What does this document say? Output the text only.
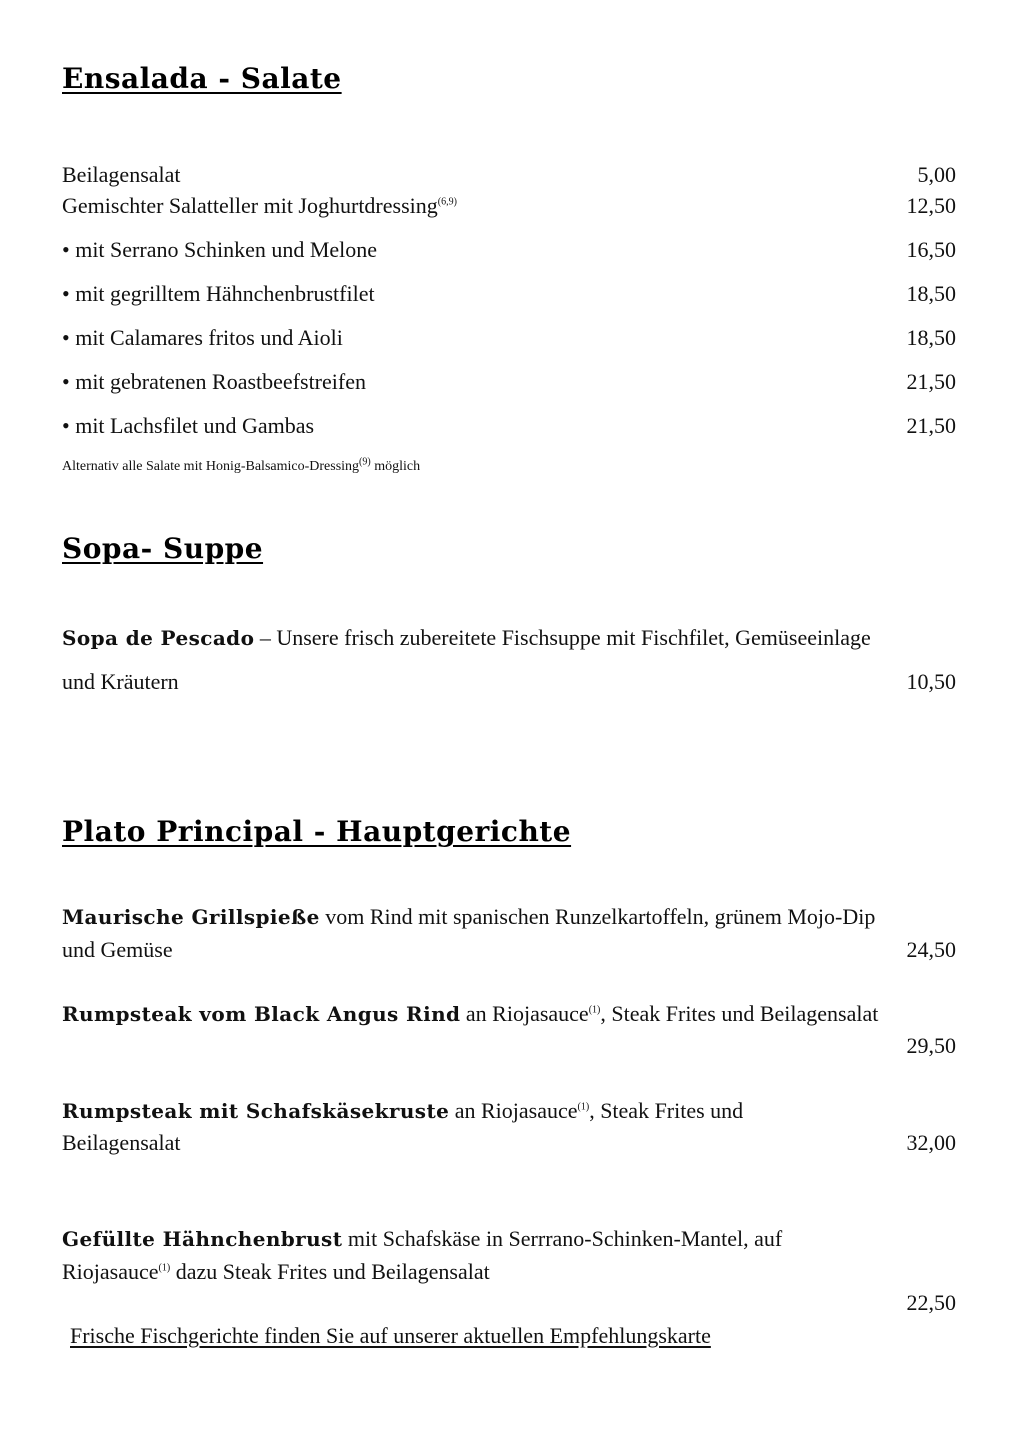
Ensalada - Salate
Beilagensalat	5,00
Gemischter Salatteller mit Joghurtdressing$^{(6,9)}$	12,50
• mit Serrano Schinken und Melone	16,50
• mit gegrilltem Hähnchenbrustfilet	18,50
• mit Calamares fritos und Aioli	18,50
• mit gebratenen Roastbeefstreifen	21,50
• mit Lachsfilet und Gambas	21,50
Alternativ alle Salate mit Honig-Balsamico-Dressing$^{(9)}$ möglich
Sopa- Suppe
Sopa de Pescado – Unsere frisch zubereitete Fischsuppe mit Fischfilet, Gemüseeinlage
und Kräutern	10,50
Plato Principal - Hauptgerichte
Maurische Grillspieße vom Rind mit spanischen Runzelkartoffeln, grünem Mojo-Dip
und Gemüse	24,50
Rumpsteak vom Black Angus Rind an Riojasauce$^{(1)}$, Steak Frites und Beilagensalat
29,50
Rumpsteak mit Schafskäsekruste an Riojasauce$^{(1)}$, Steak Frites und
Beilagensalat	32,00
Gefüllte Hähnchenbrust mit Schafskäse in Serrrano-Schinken-Mantel, auf
Riojasauce$^{(1)}$ dazu Steak Frites und Beilagensalat
22,50
Frische Fischgerichte finden Sie auf unserer aktuellen Empfehlungskarte
